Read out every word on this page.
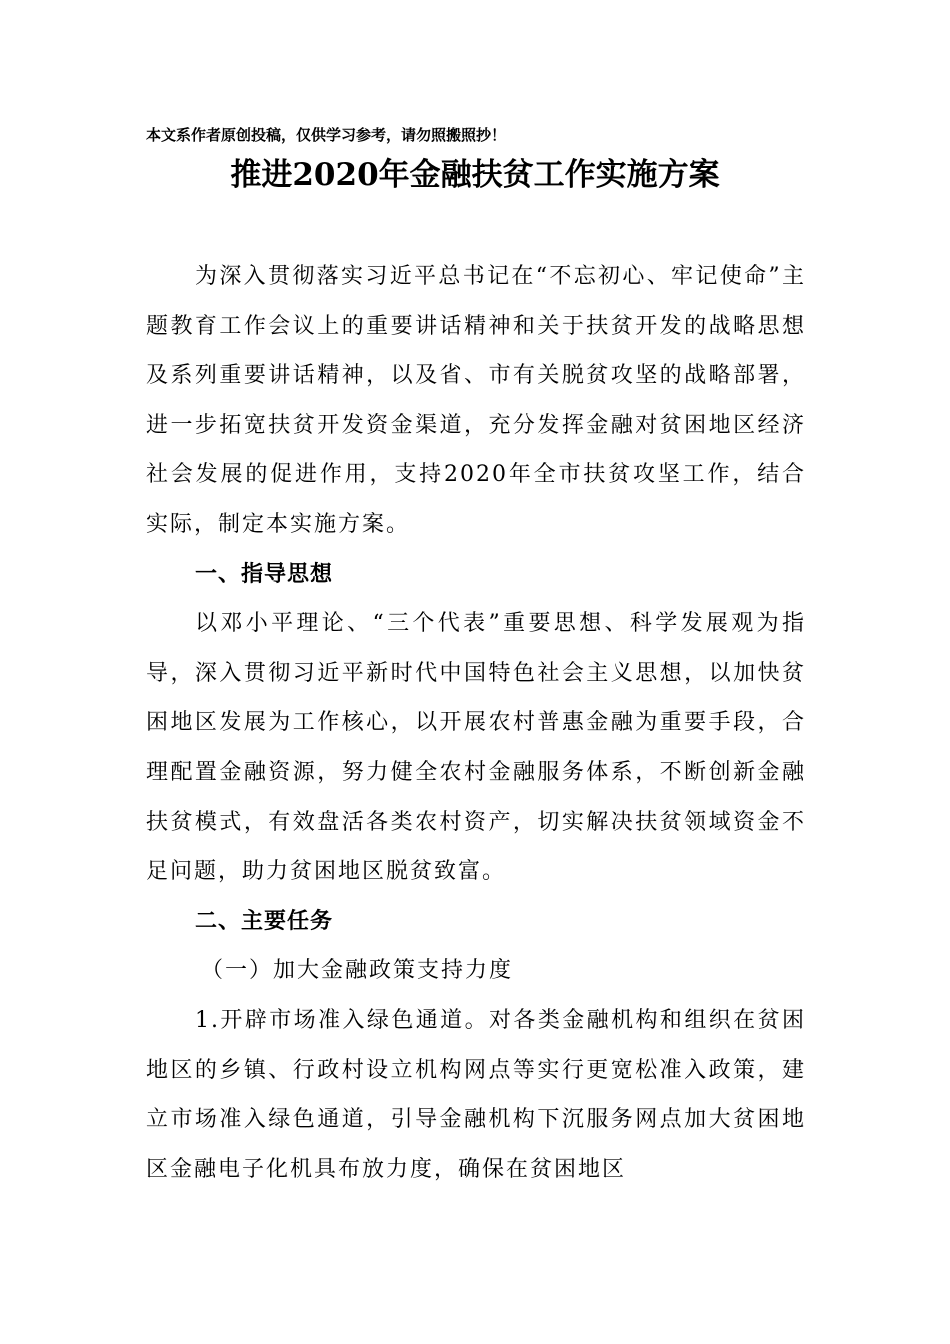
本文系作者原创投稿，仅供学习参考，请勿照搬照抄！
推进2020年金融扶贫工作实施方案

为深入贯彻落实习近平总书记在“不忘初心、牢记使命”主题教育工作会议上的重要讲话精神和关于扶贫开发的战略思想及系列重要讲话精神，以及省、市有关脱贫攻坚的战略部署，进一步拓宽扶贫开发资金渠道，充分发挥金融对贫困地区经济社会发展的促进作用，支持2020年全市扶贫攻坚工作，结合实际，制定本实施方案。

一、指导思想

以邓小平理论、“三个代表”重要思想、科学发展观为指导，深入贯彻习近平新时代中国特色社会主义思想，以加快贫困地区发展为工作核心，以开展农村普惠金融为重要手段，合理配置金融资源，努力健全农村金融服务体系，不断创新金融扶贫模式，有效盘活各类农村资产，切实解决扶贫领域资金不足问题，助力贫困地区脱贫致富。

二、主要任务

（一）加大金融政策支持力度

1.开辟市场准入绿色通道。对各类金融机构和组织在贫困地区的乡镇、行政村设立机构网点等实行更宽松准入政策，建立市场准入绿色通道，引导金融机构下沉服务网点加大贫困地区金融电子化机具布放力度，确保在贫困地区
